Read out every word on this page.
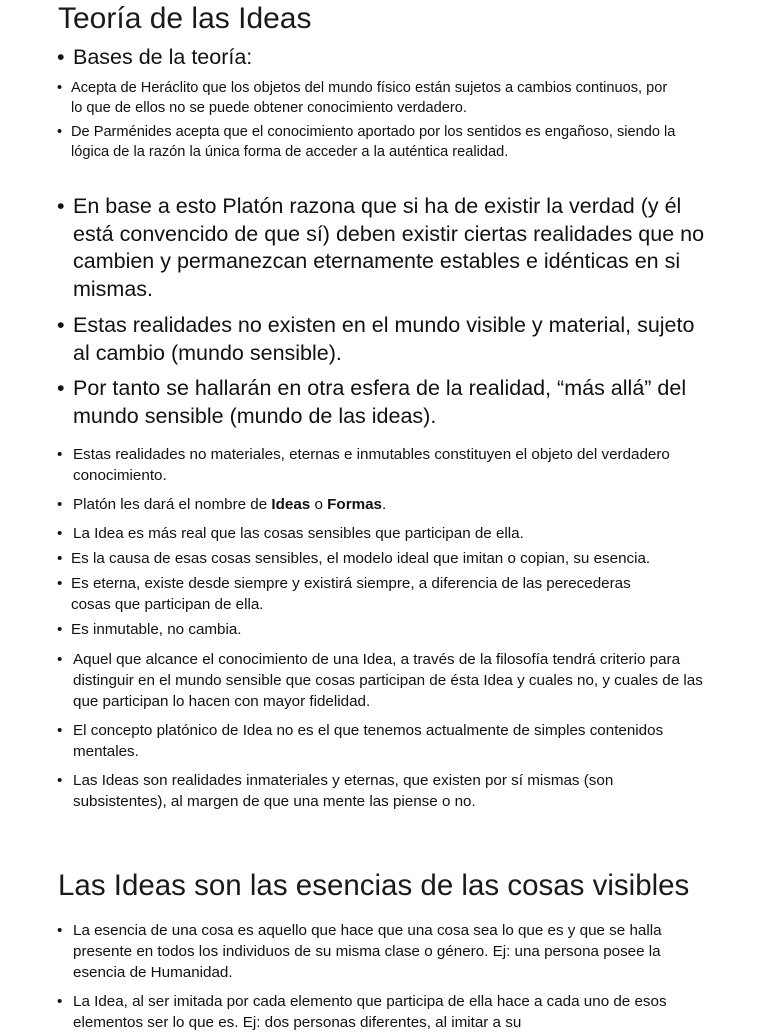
Teoría de las Ideas
• Bases de la teoría:
• Acepta de Heráclito que los objetos del mundo físico están sujetos a cambios continuos, por lo que de ellos no se puede obtener conocimiento verdadero.
• De Parménides acepta que el conocimiento aportado por los sentidos es engañoso, siendo la lógica de la razón la única forma de acceder a la auténtica realidad.
• En base a esto Platón razona que si ha de existir la verdad (y él está convencido de que sí) deben existir ciertas realidades que no cambien y permanezcan eternamente estables e idénticas en si mismas.
• Estas realidades no existen en el mundo visible y material, sujeto al cambio (mundo sensible).
• Por tanto se hallarán en otra esfera de la realidad, “más allá” del mundo sensible (mundo de las ideas).
• Estas realidades no materiales, eternas e inmutables constituyen el objeto del verdadero conocimiento.
• Platón les dará el nombre de Ideas o Formas.
• La Idea es más real que las cosas sensibles que participan de ella.
• Es la causa de esas cosas sensibles, el modelo ideal que imitan o copian, su esencia.
• Es eterna, existe desde siempre y existirá siempre, a diferencia de las perecederas cosas que participan de ella.
• Es inmutable, no cambia.
• Aquel que alcance el conocimiento de una Idea, a través de la filosofía tendrá criterio para distinguir en el mundo sensible que cosas participan de ésta Idea y cuales no, y cuales de las que participan lo hacen con mayor fidelidad.
• El concepto platónico de Idea no es el que tenemos actualmente de simples contenidos mentales.
• Las Ideas son realidades inmateriales y eternas, que existen por sí mismas (son subsistentes), al margen de que una mente las piense o no.
Las Ideas son las esencias de las cosas visibles
• La esencia de una cosa es aquello que hace que una cosa sea lo que es y que se halla presente en todos los individuos de su misma clase o género. Ej: una persona posee la esencia de Humanidad.
• La Idea, al ser imitada por cada elemento que participa de ella hace a cada uno de esos elementos ser lo que es. Ej: dos personas diferentes, al imitar a su
